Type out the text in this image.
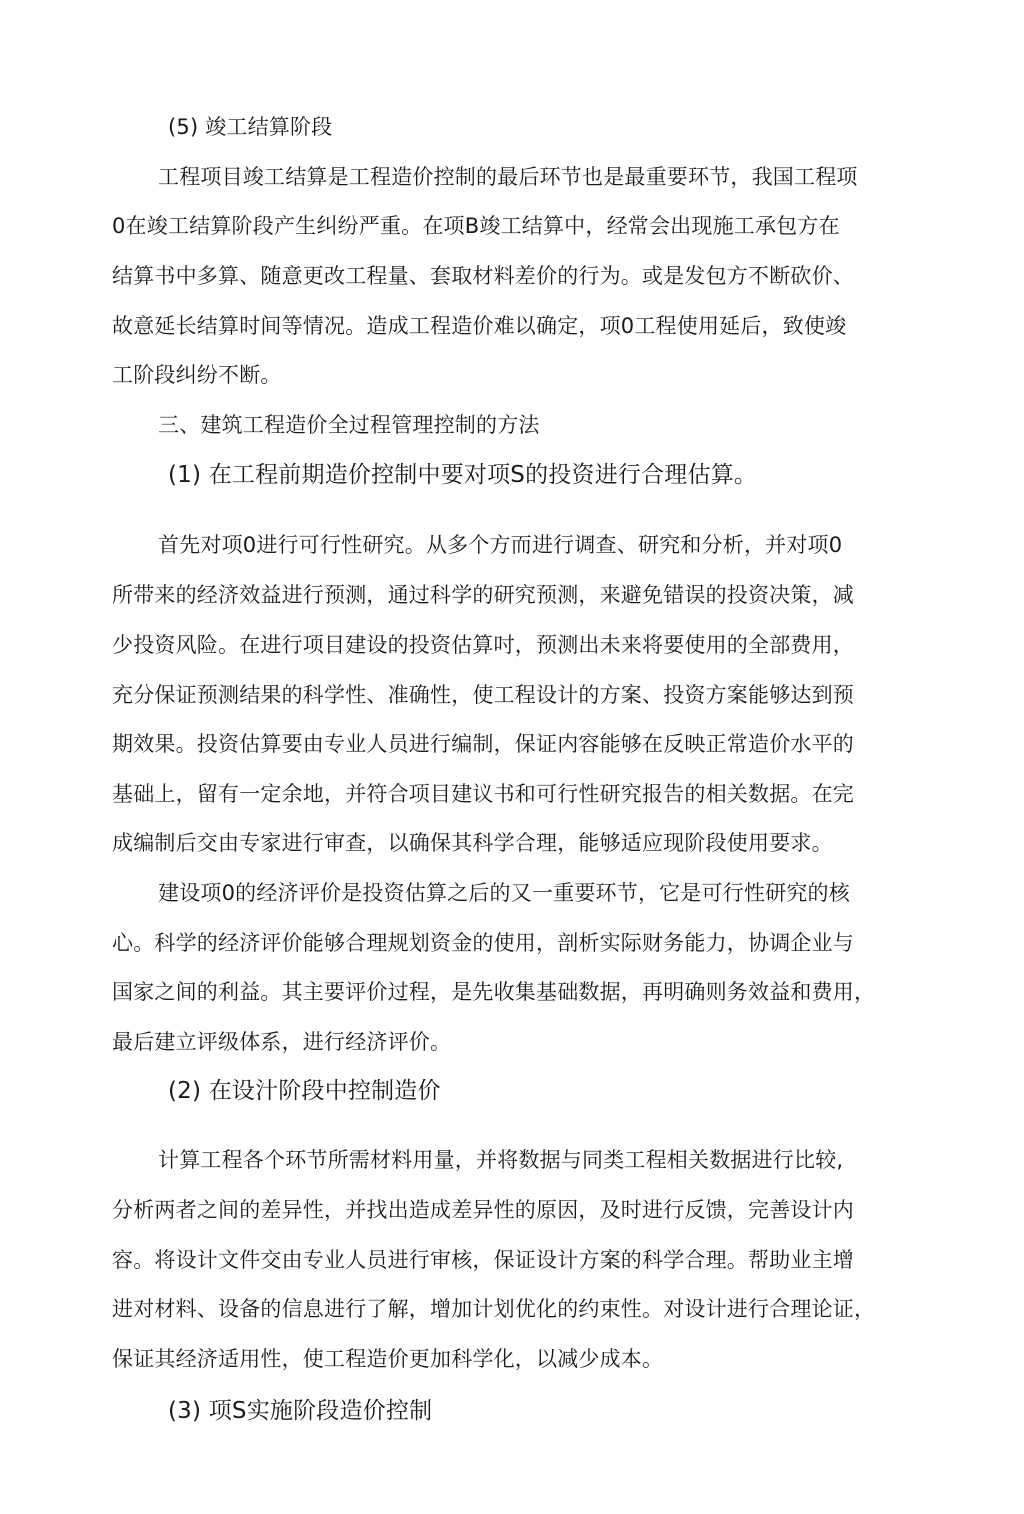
(5) 竣工结算阶段
工程项目竣工结算是工程造价控制的最后环节也是最重要环节，我国工程项
0在竣工结算阶段产生纠纷严重。在项B竣工结算中，经常会出现施工承包方在
结算书中多算、随意更改工程量、套取材料差价的行为。或是发包方不断砍价、
故意延长结算时间等情况。造成工程造价难以确定，项0工程使用延后，致使竣
工阶段纠纷不断。
三、建筑工程造价全过程管理控制的方法
(1) 在工程前期造价控制中要对项S的投资进行合理估算。
首先对项0进行可行性研究。从多个方而进行调查、研究和分析，并对项0
所带来的经济效益进行预测，通过科学的研究预测，来避免错误的投资决策，减
少投资风险。在进行项目建设的投资估算吋，预测出未来将要使用的全部费用，
充分保证预测结果的科学性、准确性，使工程设计的方案、投资方案能够达到预
期效果。投资估算要由专业人员进行编制，保证内容能够在反映正常造价水平的
基础上，留有一定余地，并符合项目建议书和可行性研究报告的相关数据。在完
成编制后交由专家进行审查，以确保其科学合理，能够适应现阶段使用要求。
建设项0的经济评价是投资估算之后的又一重要环节，它是可行性研究的核
心。科学的经济评价能够合理规划资金的使用，剖析实际财务能力，协调企业与
国家之间的利益。其主要评价过程，是先收集基础数据，再明确则务效益和费用，
最后建立评级体系，进行经济评价。
(2) 在设汁阶段中控制造价
计算工程各个环节所需材料用量，并将数据与同类工程相关数据进行比较,
分析两者之间的差异性，并找出造成差异性的原因，及时进行反馈，完善设计内
容。将设计文件交由专业人员进行审核，保证设计方案的科学合理。帮助业主增
进对材料、设备的信息进行了解，增加计划优化的约束性。对设计进行合理论证，
保证其经济适用性，使工程造价更加科学化，以减少成本。
(3) 项S实施阶段造价控制
